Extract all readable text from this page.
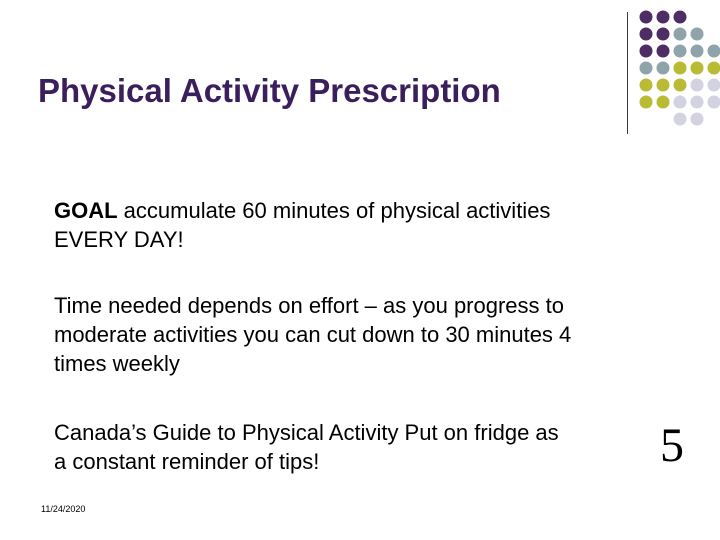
Physical Activity Prescription
GOAL accumulate 60 minutes of physical activities EVERY DAY!
Time needed depends on effort – as you progress to moderate activities you can cut down to 30 minutes 4 times weekly
Canada’s Guide to Physical Activity Put on fridge as a constant reminder of tips!	5
11/24/2020
